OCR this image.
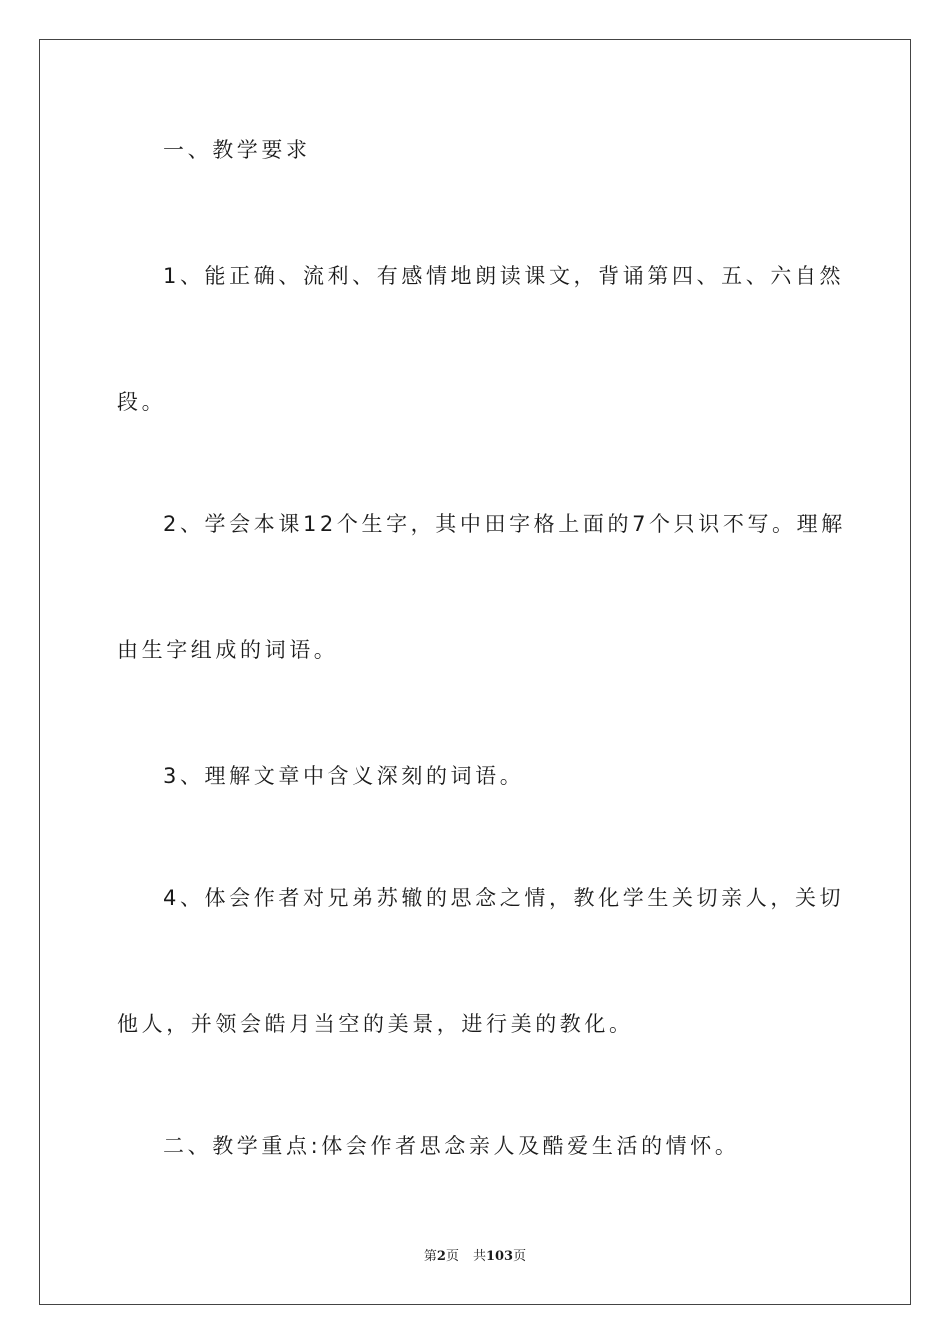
一、教学要求
1、能正确、流利、有感情地朗读课文，背诵第四、五、六自然
段。
2、学会本课12个生字，其中田字格上面的7个只识不写。理解
由生字组成的词语。
3、理解文章中含义深刻的词语。
4、体会作者对兄弟苏辙的思念之情，教化学生关切亲人，关切
他人，并领会皓月当空的美景，进行美的教化。
二、教学重点:体会作者思念亲人及酷爱生活的情怀。
第2页 共103页
